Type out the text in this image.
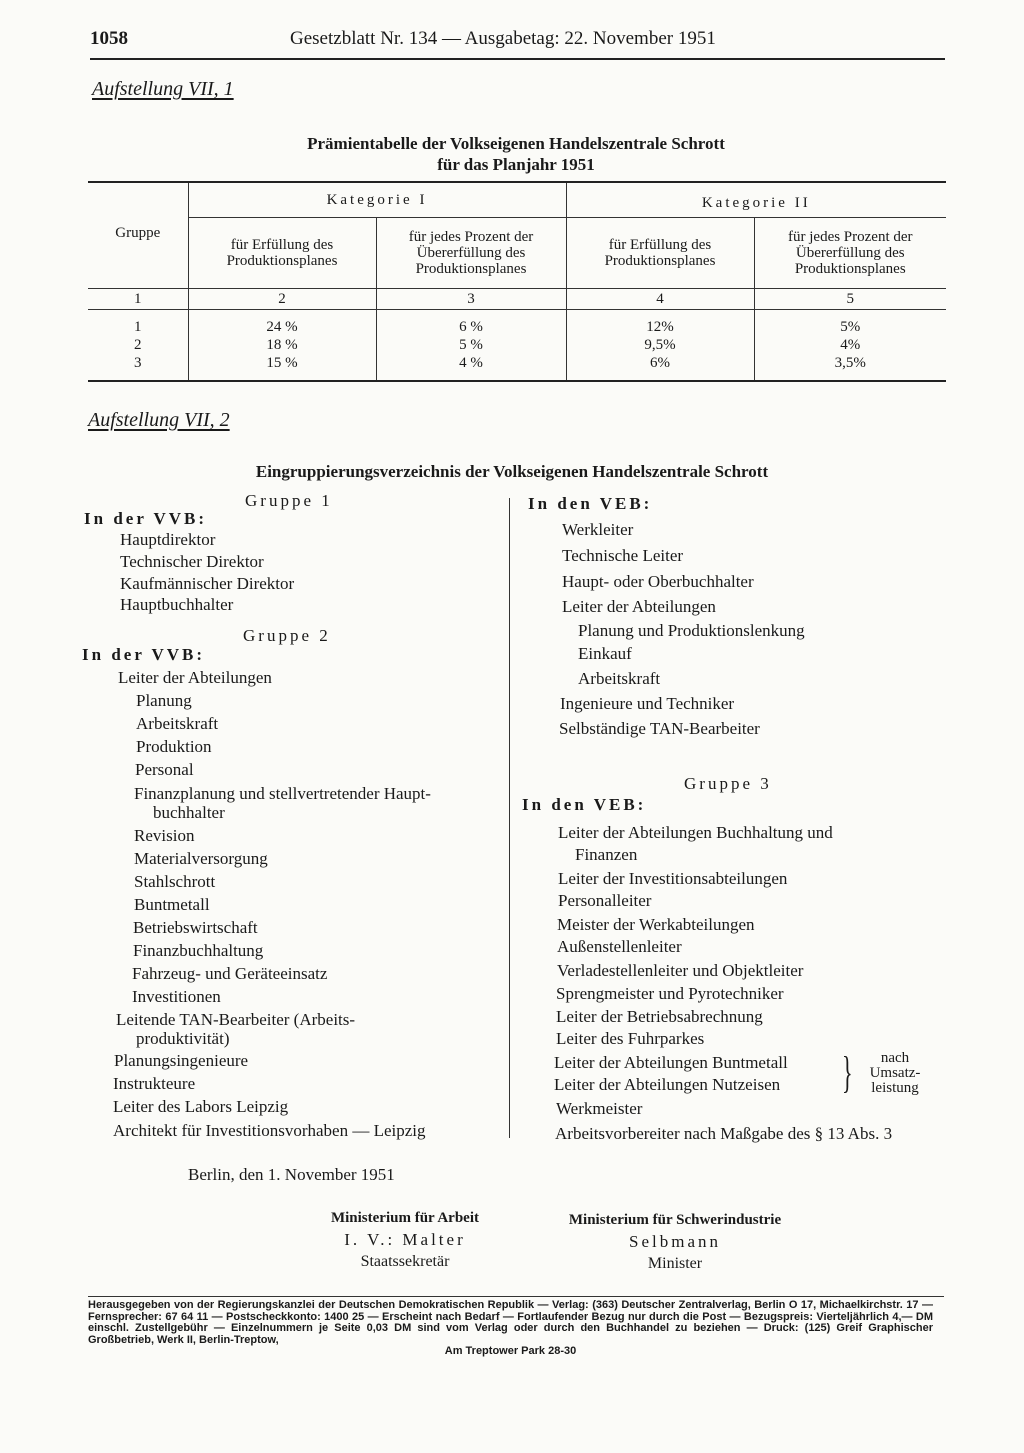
1058	Gesetzblatt Nr. 134 — Ausgabetag: 22. November 1951
Aufstellung VII, 1
Prämientabelle der Volkseigenen Handelszentrale Schrott
für das Planjahr 1951
Gruppe	Kategorie I		Kategorie II	
	für Erfüllung des Produktionsplanes	für jedes Prozent der Übererfüllung des Produktionsplanes	für Erfüllung des Produktionsplanes	für jedes Prozent der Übererfüllung des Produktionsplanes
1	2	3	4	5
1	24 %	6 %	12%	5%
2	18 %	5 %	9,5%	4%
3	15 %	4 %	6%	3,5%
Aufstellung VII, 2
Eingruppierungsverzeichnis der Volkseigenen Handelszentrale Schrott
Gruppe 1
In der VVB:
Hauptdirektor
Technischer Direktor
Kaufmännischer Direktor
Hauptbuchhalter
Gruppe 2
In der VVB:
Leiter der Abteilungen
Planung
Arbeitskraft
Produktion
Personal
Finanzplanung und stellvertretender Haupt-
buchhalter
Revision
Materialversorgung
Stahlschrott
Buntmetall
Betriebswirtschaft
Finanzbuchhaltung
Fahrzeug- und Geräteeinsatz
Investitionen
Leitende TAN-Bearbeiter (Arbeits-
produktivität)
Planungsingenieure
Instrukteure
Leiter des Labors Leipzig
Architekt für Investitionsvorhaben — Leipzig
In den VEB:
Werkleiter
Technische Leiter
Haupt- oder Oberbuchhalter
Leiter der Abteilungen
Planung und Produktionslenkung
Einkauf
Arbeitskraft
Ingenieure und Techniker
Selbständige TAN-Bearbeiter
Gruppe 3
In den VEB:
Leiter der Abteilungen Buchhaltung und
Finanzen
Leiter der Investitionsabteilungen
Personalleiter
Meister der Werkabteilungen
Außenstellenleiter
Verladestellenleiter und Objektleiter
Sprengmeister und Pyrotechniker
Leiter der Betriebsabrechnung
Leiter des Fuhrparkes
Leiter der Abteilungen Buntmetall
Leiter der Abteilungen Nutzeisen
Werkmeister
Arbeitsvorbereiter nach Maßgabe des § 13 Abs. 3
}	nach
Umsatz-
leistung
Berlin, den 1. November 1951
Ministerium für Arbeit
I. V.: Malter
Staatssekretär
Ministerium für Schwerindustrie
Selbmann
Minister
Herausgegeben von der Regierungskanzlei der Deutschen Demokratischen Republik — Verlag: (363) Deutscher Zentralverlag, Berlin O 17, Michaelkirchstr. 17 — Fernsprecher: 67 64 11 — Postscheckkonto: 1400 25 — Erscheint nach Bedarf — Fortlaufender Bezug nur durch die Post — Bezugspreis: Vierteljährlich 4,— DM einschl. Zustellgebühr — Einzelnummern je Seite 0,03 DM sind vom Verlag oder durch den Buchhandel zu beziehen — Druck: (125) Greif Graphischer Großbetrieb, Werk II, Berlin-Treptow,
Am Treptower Park 28-30
